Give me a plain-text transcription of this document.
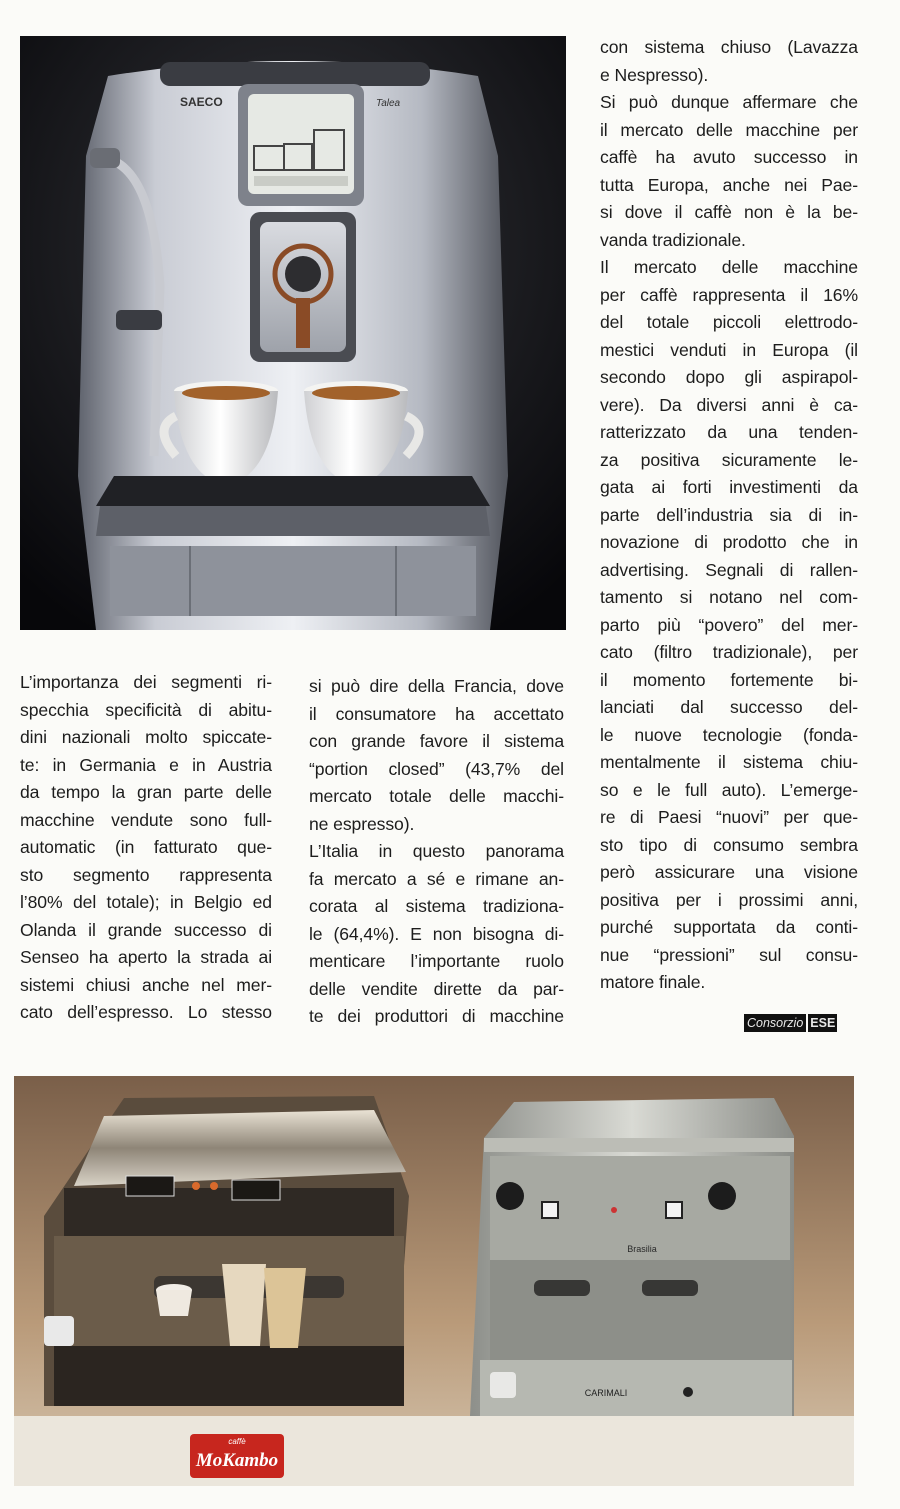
SAECO	Talea

L’importanza dei segmenti ri-
specchia specificità di abitu-
dini nazionali molto spiccate-
te: in Germania e in Austria
da tempo la gran parte delle
macchine vendute sono full-
automatic (in fatturato que-
sto segmento rappresenta
l’80% del totale); in Belgio ed
Olanda il grande successo di
Senseo ha aperto la strada ai
sistemi chiusi anche nel mer-
cato dell’espresso. Lo stesso

si può dire della Francia, dove
il consumatore ha accettato
con grande favore il sistema
“portion closed” (43,7% del
mercato totale delle macchi-
ne espresso).

L’Italia in questo panorama
fa mercato a sé e rimane an-
corata al sistema tradiziona-
le (64,4%). E non bisogna di-
menticare l’importante ruolo
delle vendite dirette da par-
te dei produttori di macchine

con sistema chiuso (Lavazza
e Nespresso).

Si può dunque affermare che
il mercato delle macchine per
caffè ha avuto successo in
tutta Europa, anche nei Pae-
si dove il caffè non è la be-
vanda tradizionale.

Il mercato delle macchine
per caffè rappresenta il 16%
del totale piccoli elettrodo-
mestici venduti in Europa (il
secondo dopo gli aspirapol-
vere). Da diversi anni è ca-
ratterizzato da una tenden-
za positiva sicuramente le-
gata ai forti investimenti da
parte dell’industria sia di in-
novazione di prodotto che in
advertising. Segnali di rallen-
tamento si notano nel com-
parto più “povero” del mer-
cato (filtro tradizionale), per
il momento fortemente bi-
lanciati dal successo del-
le nuove tecnologie (fonda-
mentalmente il sistema chiu-
so e le full auto). L’emerge-
re di Paesi “nuovi” per que-
sto tipo di consumo sembra
però assicurare una visione
positiva per i prossimi anni,
purché supportata da conti-
nue “pressioni” sul consu-
matore finale.

Consorzio ESE
caffè
MoKambo
Brasilia
CARIMALI
